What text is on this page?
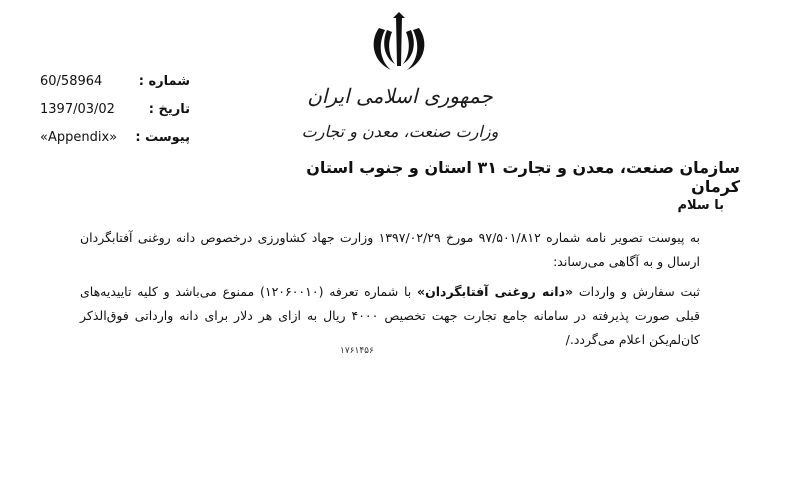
جمهوری اسلامی ایران
وزارت صنعت، معدن و تجارت
شماره :
60/58964
تاریخ :
1397/03/02
پیوست :
«Appendix»
سازمان صنعت، معدن و تجارت ۳۱ استان و جنوب استان کرمان
با سلام
به پیوست تصویر نامه شماره ۹۷/۵۰۱/۸۱۲ مورخ ۱۳۹۷/۰۲/۲۹ وزارت جهاد کشاورزی درخصوص دانه روغنی آفتابگردان ارسال و به آگاهی می‌رساند:
ثبت سفارش و واردات «دانه روغنی آفتابگردان» با شماره تعرفه (۱۲۰۶۰۰۱۰) ممنوع می‌باشد و کلیه تاییدیه‌های قبلی صورت پذیرفته در سامانه جامع تجارت جهت تخصیص ۴۰۰۰ ریال به ازای هر دلار برای دانه وارداتی فوق‌الذکر کان‌لم‌یکن اعلام می‌گردد./
۱۷۶۱۴۵۶
